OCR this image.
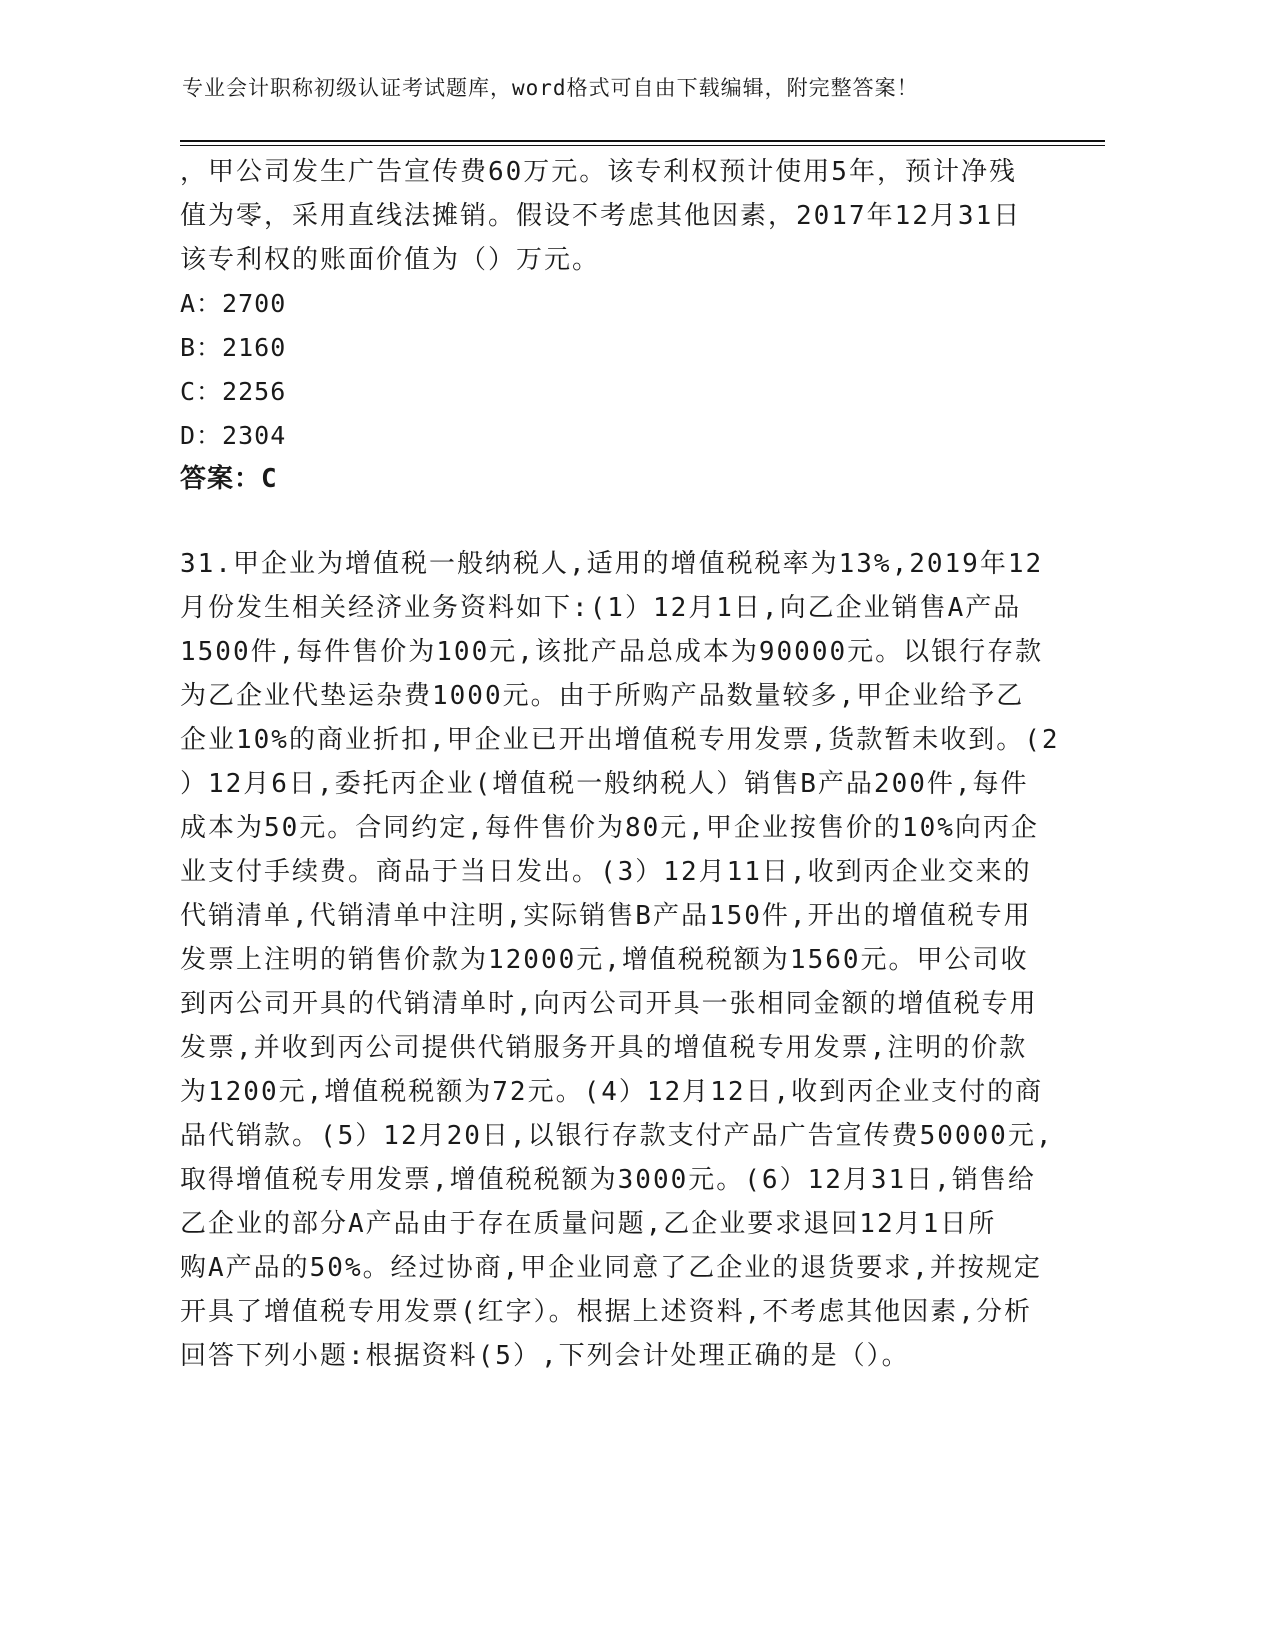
专业会计职称初级认证考试题库，word格式可自由下载编辑，附完整答案！
，甲公司发生广告宣传费60万元。该专利权预计使用5年，预计净残
值为零，采用直线法摊销。假设不考虑其他因素，2017年12月31日
该专利权的账面价值为（）万元。
A：2700
B：2160
C：2256
D：2304
答案：C
31.甲企业为增值税一般纳税人,适用的增值税税率为13%,2019年12
月份发生相关经济业务资料如下:(1）12月1日,向乙企业销售A产品
1500件,每件售价为100元,该批产品总成本为90000元。以银行存款
为乙企业代垫运杂费1000元。由于所购产品数量较多,甲企业给予乙
企业10%的商业折扣,甲企业已开出增值税专用发票,货款暂未收到。(2
）12月6日,委托丙企业(增值税一般纳税人）销售B产品200件,每件
成本为50元。合同约定,每件售价为80元,甲企业按售价的10%向丙企
业支付手续费。商品于当日发出。(3）12月11日,收到丙企业交来的
代销清单,代销清单中注明,实际销售B产品150件,开出的增值税专用
发票上注明的销售价款为12000元,增值税税额为1560元。甲公司收
到丙公司开具的代销清单时,向丙公司开具一张相同金额的增值税专用
发票,并收到丙公司提供代销服务开具的增值税专用发票,注明的价款
为1200元,增值税税额为72元。(4）12月12日,收到丙企业支付的商
品代销款。(5）12月20日,以银行存款支付产品广告宣传费50000元,
取得增值税专用发票,增值税税额为3000元。(6）12月31日,销售给
乙企业的部分A产品由于存在质量问题,乙企业要求退回12月1日所
购A产品的50%。经过协商,甲企业同意了乙企业的退货要求,并按规定
开具了增值税专用发票(红字）。根据上述资料,不考虑其他因素,分析
回答下列小题:根据资料(5）,下列会计处理正确的是（）。
